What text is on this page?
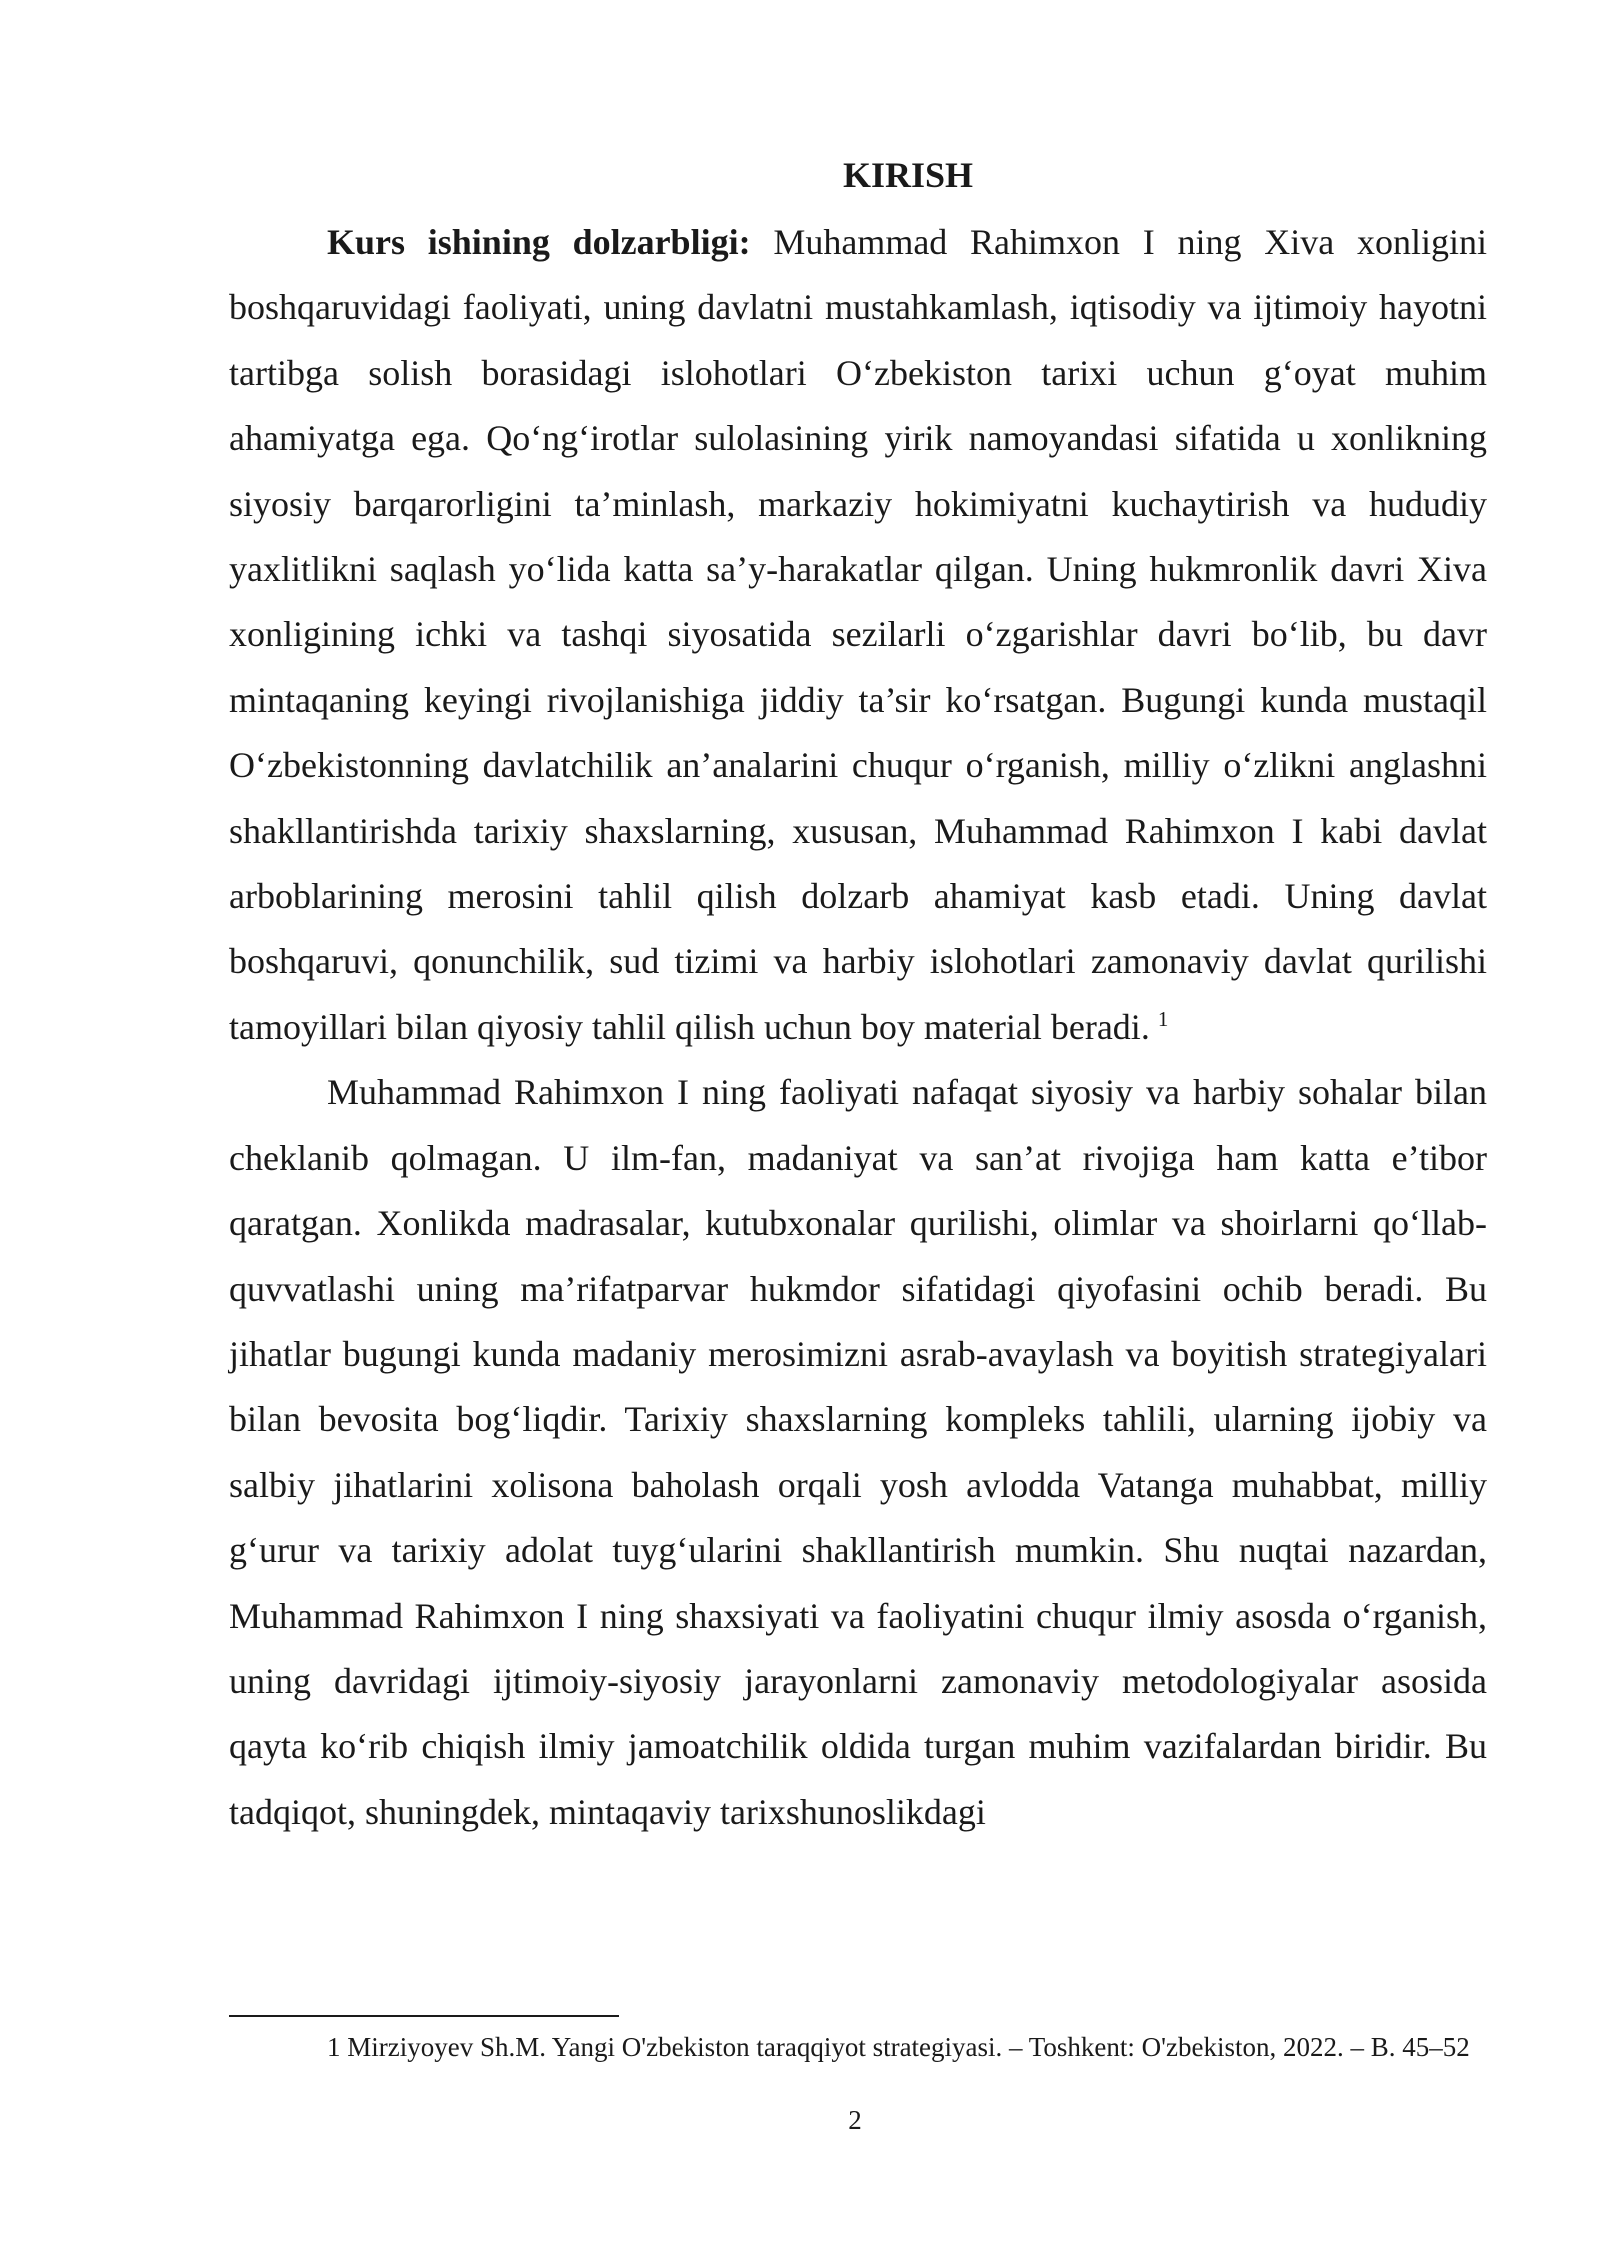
KIRISH

Kurs ishining dolzarbligi: Muhammad Rahimxon I ning Xiva xonligini boshqaruvidagi faoliyati, uning davlatni mustahkamlash, iqtisodiy va ijtimoiy hayotni tartibga solish borasidagi islohotlari O‘zbekiston tarixi uchun g‘oyat muhim ahamiyatga ega. Qo‘ng‘irotlar sulolasining yirik namoyandasi sifatida u xonlikning siyosiy barqarorligini ta’minlash, markaziy hokimiyatni kuchaytirish va hududiy yaxlitlikni saqlash yo‘lida katta sa’y-harakatlar qilgan. Uning hukmronlik davri Xiva xonligining ichki va tashqi siyosatida sezilarli o‘zgarishlar davri bo‘lib, bu davr mintaqaning keyingi rivojlanishiga jiddiy ta’sir ko‘rsatgan. Bugungi kunda mustaqil O‘zbekistonning davlatchilik an’analarini chuqur o‘rganish, milliy o‘zlikni anglashni shakllantirishda tarixiy shaxslarning, xususan, Muhammad Rahimxon I kabi davlat arboblarining merosini tahlil qilish dolzarb ahamiyat kasb etadi. Uning davlat boshqaruvi, qonunchilik, sud tizimi va harbiy islohotlari zamonaviy davlat qurilishi tamoyillari bilan qiyosiy tahlil qilish uchun boy material beradi. $^1$

Muhammad Rahimxon I ning faoliyati nafaqat siyosiy va harbiy sohalar bilan cheklanib qolmagan. U ilm-fan, madaniyat va san’at rivojiga ham katta e’tibor qaratgan. Xonlikda madrasalar, kutubxonalar qurilishi, olimlar va shoirlarni qo‘llab-quvvatlashi uning ma’rifatparvar hukmdor sifatidagi qiyofasini ochib beradi. Bu jihatlar bugungi kunda madaniy merosimizni asrab-avaylash va boyitish strategiyalari bilan bevosita bog‘liqdir. Tarixiy shaxslarning kompleks tahlili, ularning ijobiy va salbiy jihatlarini xolisona baholash orqali yosh avlodda Vatanga muhabbat, milliy g‘urur va tarixiy adolat tuyg‘ularini shakllantirish mumkin. Shu nuqtai nazardan, Muhammad Rahimxon I ning shaxsiyati va faoliyatini chuqur ilmiy asosda o‘rganish, uning davridagi ijtimoiy-siyosiy jarayonlarni zamonaviy metodologiyalar asosida qayta ko‘rib chiqish ilmiy jamoatchilik oldida turgan muhim vazifalardan biridir. Bu tadqiqot, shuningdek, mintaqaviy tarixshunoslikdagi

1 Mirziyoyev Sh.M. Yangi O'zbekiston taraqqiyot strategiyasi. – Toshkent: O'zbekiston, 2022. – B. 45–52

2
